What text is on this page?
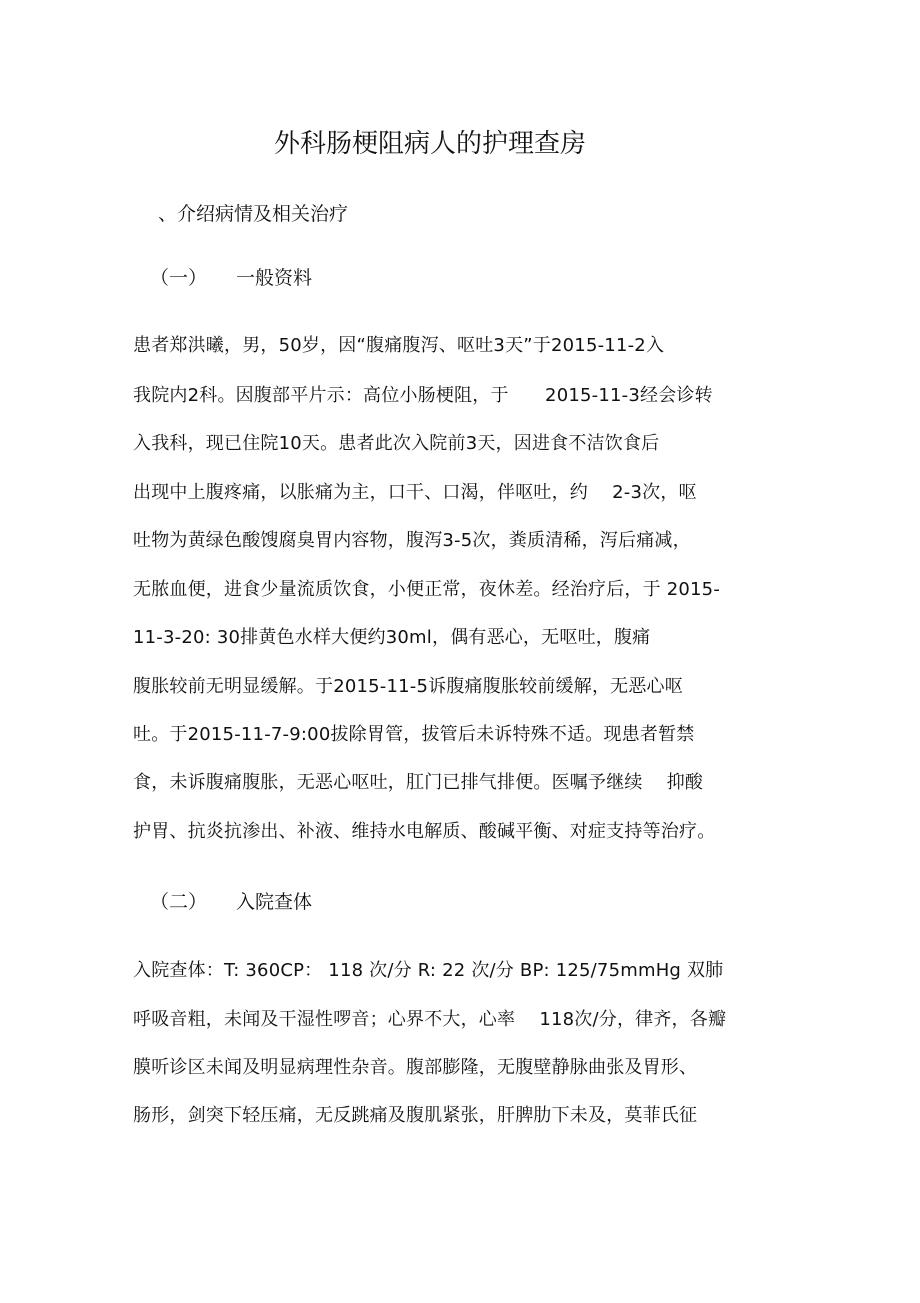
外科肠梗阻病人的护理查房
、介绍病情及相关治疗
（一） 一般资料
患者郑洪曦，男，50岁，因“腹痛腹泻、呕吐3天”于2015-11-2入
我院内2科。因腹部平片示：高位小肠梗阻，于　　2015-11-3经会诊转
入我科，现已住院10天。患者此次入院前3天，因进食不洁饮食后
出现中上腹疼痛，以胀痛为主，口干、口渴，伴呕吐，约　 2-3次，呕
吐物为黄绿色酸馊腐臭胃内容物，腹泻3-5次，粪质清稀，泻后痛减，
无脓血便，进食少量流质饮食，小便正常，夜休差。经治疗后，于 2015-
11-3-20: 30排黄色水样大便约30ml，偶有恶心，无呕吐，腹痛
腹胀较前无明显缓解。于2015-11-5诉腹痛腹胀较前缓解，无恶心呕
吐。于2015-11-7-9:00拔除胃管，拔管后未诉特殊不适。现患者暂禁
食，未诉腹痛腹胀，无恶心呕吐，肛门已排气排便。医嘱予继续　 抑酸
护胃、抗炎抗渗出、补液、维持水电解质、酸碱平衡、对症支持等治疗。
（二） 入院查体
入院查体：T: 360CP： 118 次/分 R: 22 次/分 BP: 125/75mmHg 双肺
呼吸音粗，未闻及干湿性啰音；心界不大，心率　 118次/分，律齐，各瓣
膜听诊区未闻及明显病理性杂音。腹部膨隆，无腹壁静脉曲张及胃形、
肠形，剑突下轻压痛，无反跳痛及腹肌紧张，肝脾肋下未及，莫菲氏征
